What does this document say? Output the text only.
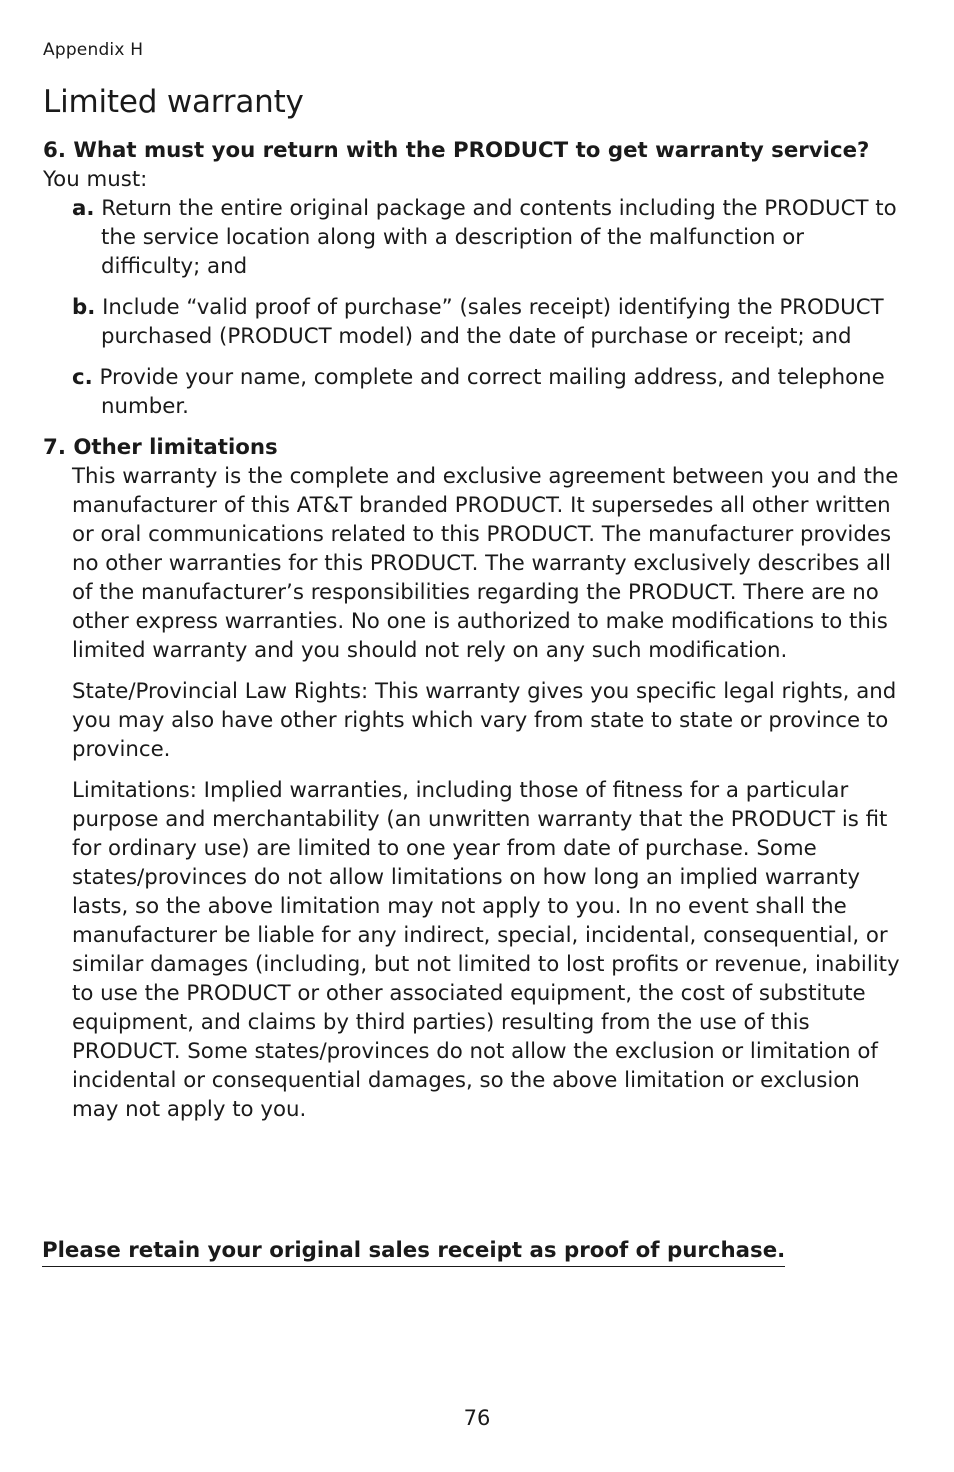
Appendix H
Limited warranty

6. What must you return with the PRODUCT to get warranty service?

You must:

a. Return the entire original package and contents including the PRODUCT to the service location along with a description of the malfunction or difficulty; and

b. Include “valid proof of purchase” (sales receipt) identifying the PRODUCT purchased (PRODUCT model) and the date of purchase or receipt; and

c. Provide your name, complete and correct mailing address, and telephone number.

7. Other limitations

This warranty is the complete and exclusive agreement between you and the manufacturer of this AT&T branded PRODUCT. It supersedes all other written or oral communications related to this PRODUCT. The manufacturer provides no other warranties for this PRODUCT. The warranty exclusively describes all of the manufacturer’s responsibilities regarding the PRODUCT. There are no other express warranties. No one is authorized to make modifications to this limited warranty and you should not rely on any such modification.

State/Provincial Law Rights: This warranty gives you specific legal rights, and you may also have other rights which vary from state to state or province to province.

Limitations: Implied warranties, including those of fitness for a particular purpose and merchantability (an unwritten warranty that the PRODUCT is fit for ordinary use) are limited to one year from date of purchase. Some states/provinces do not allow limitations on how long an implied warranty lasts, so the above limitation may not apply to you. In no event shall the manufacturer be liable for any indirect, special, incidental, consequential, or similar damages (including, but not limited to lost profits or revenue, inability to use the PRODUCT or other associated equipment, the cost of substitute equipment, and claims by third parties) resulting from the use of this PRODUCT. Some states/provinces do not allow the exclusion or limitation of incidental or consequential damages, so the above limitation or exclusion may not apply to you.

Please retain your original sales receipt as proof of purchase.
76
